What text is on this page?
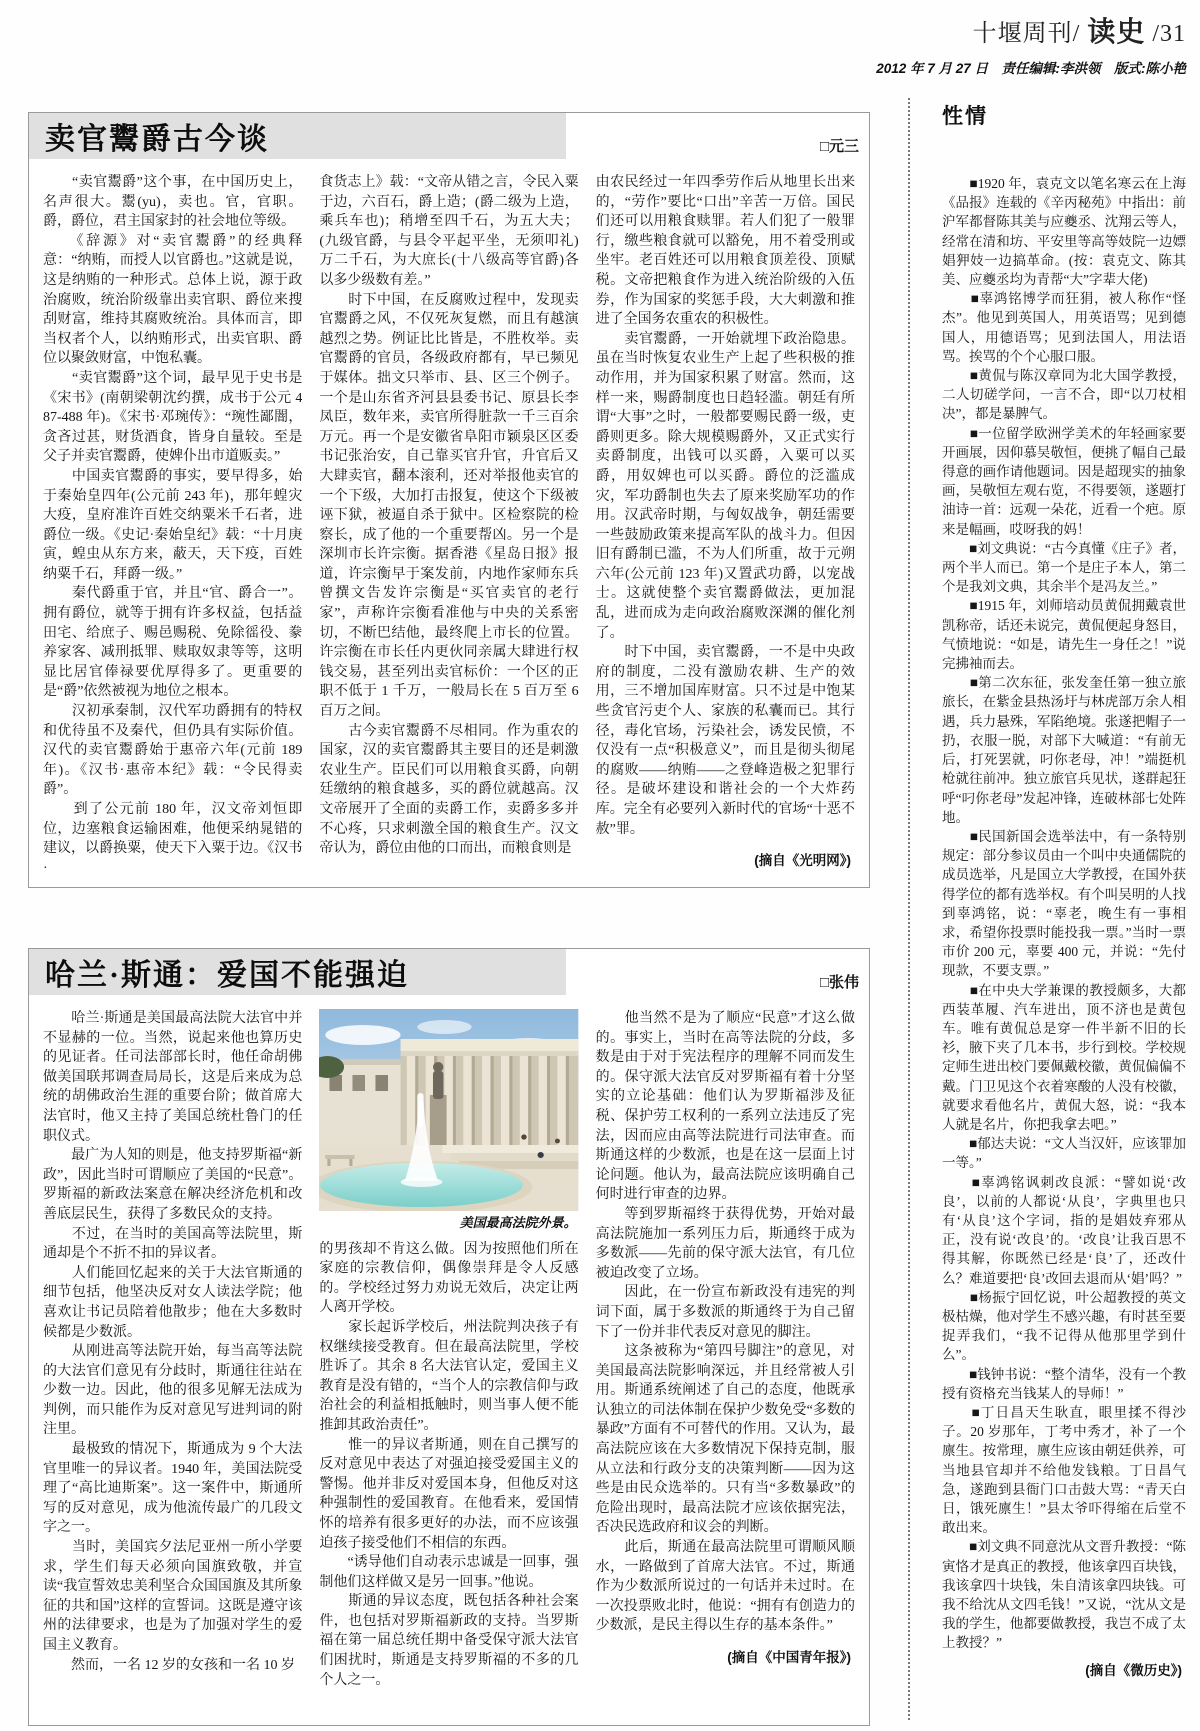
十堰周刊/ 读史 /31
2012 年 7 月 27 日　责任编辑:李洪领　版式:陈小艳
卖官鬻爵古今谈	□元三

　　“卖官鬻爵”这个事，在中国历史上，名声很大。鬻(yu)，卖也。官，官职。爵，爵位，君主国家封的社会地位等级。

　　《辞源》对“卖官鬻爵”的经典释意：“纳贿，而授人以官爵也。”这就是说，这是纳贿的一种形式。总体上说，源于政治腐败，统治阶级靠出卖官职、爵位来搜刮财富，维持其腐败统治。具体而言，即当权者个人，以纳贿形式，出卖官职、爵位以聚敛财富，中饱私囊。

　　“卖官鬻爵”这个词，最早见于史书是《宋书》(南朝梁朝沈约撰，成书于公元 487-488 年)。《宋书·邓琬传》：“琬性鄙闇，贪吝过甚，财货酒食，皆身自量较。至是父子并卖官鬻爵，使婢仆出市道贩卖。”

　　中国卖官鬻爵的事实，要早得多，始于秦始皇四年(公元前 243 年)，那年蝗灾大疫，皇府准许百姓交纳粟米千石者，进爵位一级。《史记·秦始皇纪》载：“十月庚寅，蝗虫从东方来，蔽天，天下疫，百姓纳粟千石，拜爵一级。”

　　秦代爵重于官，并且“官、爵合一”。拥有爵位，就等于拥有许多权益，包括益田宅、给庶子、赐邑赐税、免除徭役、豢养家客、减刑抵罪、赎取奴隶等等，这明显比居官俸禄要优厚得多了。更重要的是“爵”依然被视为地位之根本。

　　汉初承秦制，汉代军功爵拥有的特权和优待虽不及秦代，但仍具有实际价值。汉代的卖官鬻爵始于惠帝六年(元前 189 年)。《汉书·惠帝本纪》载：“令民得卖爵”。

　　到了公元前 180 年，汉文帝刘恒即位，边塞粮食运输困难，他便采纳晁错的建议，以爵换粟，使天下入粟于边。《汉书·

食货志上》载：“文帝从错之言，令民入粟于边，六百石，爵上造；(爵二级为上造，乘兵车也)；稍增至四千石，为五大夫；(九级官爵，与县令平起平坐，无须叩礼)万二千石，为大庶长(十八级高等官爵)各以多少级数有差。”

　　时下中国，在反腐败过程中，发现卖官鬻爵之风，不仅死灰复燃，而且有越演越烈之势。例证比比皆是，不胜枚举。卖官鬻爵的官员，各级政府都有，早已频见于媒体。拙文只举市、县、区三个例子。一个是山东省齐河县县委书记、原县长李凤臣，数年来，卖官所得脏款一千三百余万元。再一个是安徽省阜阳市颖泉区区委书记张治安，自己靠买官升官，升官后又大肆卖官，翻本滚利，还对举报他卖官的一个下级，大加打击报复，使这个下级被诬下狱，被逼自杀于狱中。区检察院的检察长，成了他的一个重要帮凶。另一个是深圳市长许宗衡。据香港《星岛日报》报道，许宗衡早于案发前，内地作家师东兵曾撰文告发许宗衡是“买官卖官的老行家”，声称许宗衡看准他与中央的关系密切，不断巴结他，最终爬上市长的位置。许宗衡在市长任内更伙同亲属大肆进行权钱交易，甚至列出卖官标价：一个区的正职不低于 1 千万，一般局长在 5 百万至 6 百万之间。

　　古今卖官鬻爵不尽相同。作为重农的国家，汉的卖官鬻爵其主要目的还是刺激农业生产。臣民们可以用粮食买爵，向朝廷缴纳的粮食越多，买的爵位就越高。汉文帝展开了全面的卖爵工作，卖爵多多并不心疼，只求刺激全国的粮食生产。汉文帝认为，爵位由他的口而出，而粮食则是

由农民经过一年四季劳作后从地里长出来的，“劳作”要比“口出”辛苦一万倍。国民们还可以用粮食赎罪。若人们犯了一般罪行，缴些粮食就可以豁免，用不着受刑或坐牢。老百姓还可以用粮食顶差役、顶赋税。文帝把粮食作为进入统治阶级的入伍券，作为国家的奖惩手段，大大刺激和推进了全国务农重农的积极性。

　　卖官鬻爵，一开始就埋下政治隐患。虽在当时恢复农业生产上起了些积极的推动作用，并为国家积累了财富。然而，这样一来，赐爵制度也日趋轻滥。朝廷有所谓“大事”之时，一般都要赐民爵一级，吏爵则更多。除大规模赐爵外，又正式实行卖爵制度，出钱可以买爵，入粟可以买爵，用奴婢也可以买爵。爵位的泛滥成灾，军功爵制也失去了原来奖励军功的作用。汉武帝时期，与匈奴战争，朝廷需要一些鼓励政策来提高军队的战斗力。但因旧有爵制已滥，不为人们所重，故于元朔六年(公元前 123 年)又置武功爵，以宠战士。这就使整个卖官鬻爵做法，更加混乱，进而成为走向政治腐败深渊的催化剂了。

　　时下中国，卖官鬻爵，一不是中央政府的制度，二没有激励农耕、生产的效用，三不增加国库财富。只不过是中饱某些贪官污吏个人、家族的私囊而已。其行径，毒化官场，污染社会，诱发民愤，不仅没有一点“积极意义”，而且是彻头彻尾的腐败——纳贿——之登峰造极之犯罪行径。是破坏建设和谐社会的一个大炸药库。完全有必要列入新时代的官场“十恶不赦”罪。

(摘自《光明网》)
哈兰·斯通：爱国不能强迫	□张伟

　　哈兰·斯通是美国最高法院大法官中并不显赫的一位。当然，说起来他也算历史的见证者。任司法部部长时，他任命胡佛做美国联邦调查局局长，这是后来成为总统的胡佛政治生涯的重要台阶；做首席大法官时，他又主持了美国总统杜鲁门的任职仪式。

　　最广为人知的则是，他支持罗斯福“新政”，因此当时可谓顺应了美国的“民意”。罗斯福的新政法案意在解决经济危机和改善底层民生，获得了多数民众的支持。

　　不过，在当时的美国高等法院里，斯通却是个不折不扣的异议者。

　　人们能回忆起来的关于大法官斯通的细节包括，他坚决反对女人读法学院；他喜欢让书记员陪着他散步；他在大多数时候都是少数派。

　　从刚进高等法院开始，每当高等法院的大法官们意见有分歧时，斯通往往站在少数一边。因此，他的很多见解无法成为判例，而只能作为反对意见写进判词的附注里。

　　最极致的情况下，斯通成为 9 个大法官里唯一的异议者。1940 年，美国法院受理了“高比迪斯案”。这一案件中，斯通所写的反对意见，成为他流传最广的几段文字之一。

　　当时，美国宾夕法尼亚州一所小学要求，学生们每天必须向国旗致敬，并宣读“我宣誓效忠美利坚合众国国旗及其所象征的共和国”这样的宣誓词。这既是遵守该州的法律要求，也是为了加强对学生的爱国主义教育。

　　然而，一名 12 岁的女孩和一名 10 岁

美国最高法院外景。

的男孩却不肯这么做。因为按照他们所在家庭的宗教信仰，偶像崇拜是令人反感的。学校经过努力劝说无效后，决定让两人离开学校。

　　家长起诉学校后，州法院判决孩子有权继续接受教育。但在最高法院里，学校胜诉了。其余 8 名大法官认定，爱国主义教育是没有错的，“当个人的宗教信仰与政治社会的利益相抵触时，则当事人便不能推卸其政治责任”。

　　惟一的异议者斯通，则在自己撰写的反对意见中表达了对强迫接受爱国主义的警惕。他并非反对爱国本身，但他反对这种强制性的爱国教育。在他看来，爱国情怀的培养有很多更好的办法，而不应该强迫孩子接受他们不相信的东西。

　　“诱导他们自动表示忠诚是一回事，强制他们这样做又是另一回事。”他说。

　　斯通的异议态度，既包括各种社会案件，也包括对罗斯福新政的支持。当罗斯福在第一届总统任期中备受保守派大法官们困扰时，斯通是支持罗斯福的不多的几个人之一。

　　他当然不是为了顺应“民意”才这么做的。事实上，当时在高等法院的分歧，多数是由于对于宪法程序的理解不同而发生的。保守派大法官反对罗斯福有着十分坚实的立论基础：他们认为罗斯福涉及征税、保护劳工权利的一系列立法违反了宪法，因而应由高等法院进行司法审查。而斯通这样的少数派，也是在这一层面上讨论问题。他认为，最高法院应该明确自己何时进行审查的边界。

　　等到罗斯福终于获得优势，开始对最高法院施加一系列压力后，斯通终于成为多数派——先前的保守派大法官，有几位被迫改变了立场。

　　因此，在一份宣布新政没有违宪的判词下面，属于多数派的斯通终于为自己留下了一份并非代表反对意见的脚注。

　　这条被称为“第四号脚注”的意见，对美国最高法院影响深远，并且经常被人引用。斯通系统阐述了自己的态度，他既承认独立的司法体制在保护少数免受“多数的暴政”方面有不可替代的作用。又认为，最高法院应该在大多数情况下保持克制，服从立法和行政分支的决策判断——因为这些是由民众选举的。只有当“多数暴政”的危险出现时，最高法院才应该依据宪法，否决民选政府和议会的判断。

　　此后，斯通在最高法院里可谓顺风顺水，一路做到了首席大法官。不过，斯通作为少数派所说过的一句话并未过时。在一次投票败北时，他说：“拥有有创造力的少数派，是民主得以生存的基本条件。”

(摘自《中国青年报》)
性情

　　■ 1920 年，袁克文以笔名寒云在上海《品报》连载的《辛丙秘苑》中指出：前沪军都督陈其美与应夔丞、沈翔云等人，经常在清和坊、平安里等高等妓院一边嫖娼狎妓一边搞革命。(按：袁克文、陈其美、应夔丞均为青帮“大”字辈大佬)

　　■ 辜鸿铭博学而狂狷，被人称作“怪杰”。他见到英国人，用英语骂；见到德国人，用德语骂；见到法国人，用法语骂。挨骂的个个心服口服。

　　■ 黄侃与陈汉章同为北大国学教授，二人切磋学问，一言不合，即“以刀杖相决”，都是暴脾气。

　　■ 一位留学欧洲学美术的年轻画家要开画展，因仰慕吴敬恒，便挑了幅自己最得意的画作请他题词。因是超现实的抽象画，吴敬恒左观右览，不得要领，遂题打油诗一首：远观一朵花，近看一个疤。原来是幅画，哎呀我的妈！

　　■ 刘文典说：“古今真懂《庄子》者，两个半人而已。第一个是庄子本人，第二个是我刘文典，其余半个是冯友兰。”

　　■ 1915 年，刘师培动员黄侃拥戴袁世凯称帝，话还未说完，黄侃便起身怒目，气愤地说：“如是，请先生一身任之！”说完拂袖而去。

　　■ 第二次东征，张发奎任第一独立旅旅长，在紫金县热汤圩与林虎部万余人相遇，兵力悬殊，军陷绝境。张遂把帽子一扔，衣服一脱，对部下大喊道：“有前无后，打死罢就，叼你老母，冲！”端挺机枪就往前冲。独立旅官兵见状，遂群起狂呼“叼你老母”发起冲锋，连破林部七处阵地。

　　■ 民国新国会选举法中，有一条特别规定：部分参议员由一个叫中央通儒院的成员选举，凡是国立大学教授，在国外获得学位的都有选举权。有个叫吴明的人找到辜鸿铭，说：“辜老，晚生有一事相求，希望你投票时能投我一票。”当时一票市价 200 元，辜要 400 元，并说：“先付现款，不要支票。”

　　■ 在中央大学兼课的教授颇多，大都西装革履、汽车进出，顶不济也是黄包车。唯有黄侃总是穿一件半新不旧的长衫，腋下夹了几本书，步行到校。学校规定师生进出校门要佩戴校徽，黄侃偏偏不戴。门卫见这个衣着寒酸的人没有校徽，就要求看他名片，黄侃大怒，说：“我本人就是名片，你把我拿去吧。”

　　■ 郁达夫说：“文人当汉奸，应该罪加一等。”

　　■ 辜鸿铭讽刺改良派：“譬如说‘改良’，以前的人都说‘从良’，字典里也只有‘从良’这个字词，指的是娼妓弃邪从正，没有说‘改良’的。‘改良’让我百思不得其解，你既然已经是‘良’了，还改什么？难道要把‘良’改回去退而从‘娼’吗？”

　　■ 杨振宁回忆说，叶公超教授的英文极枯燥，他对学生不感兴趣，有时甚至要捉弄我们，“我不记得从他那里学到什么”。

　　■ 钱钟书说：“整个清华，没有一个教授有资格充当钱某人的导师！”

　　■ 丁日昌天生耿直，眼里揉不得沙子。20 岁那年，丁考中秀才，补了一个廪生。按常理，廪生应该由朝廷供养，可当地县官却并不给他发钱粮。丁日昌气急，遂跑到县衙门口击鼓大骂：“青天白日，饿死廪生！”县太爷吓得缩在后堂不敢出来。

　　■ 刘文典不同意沈从文晋升教授：“陈寅恪才是真正的教授，他该拿四百块钱，我该拿四十块钱，朱自清该拿四块钱。可我不给沈从文四毛钱！”又说，“沈从文是我的学生，他都要做教授，我岂不成了太上教授？”

(摘自《微历史》)
